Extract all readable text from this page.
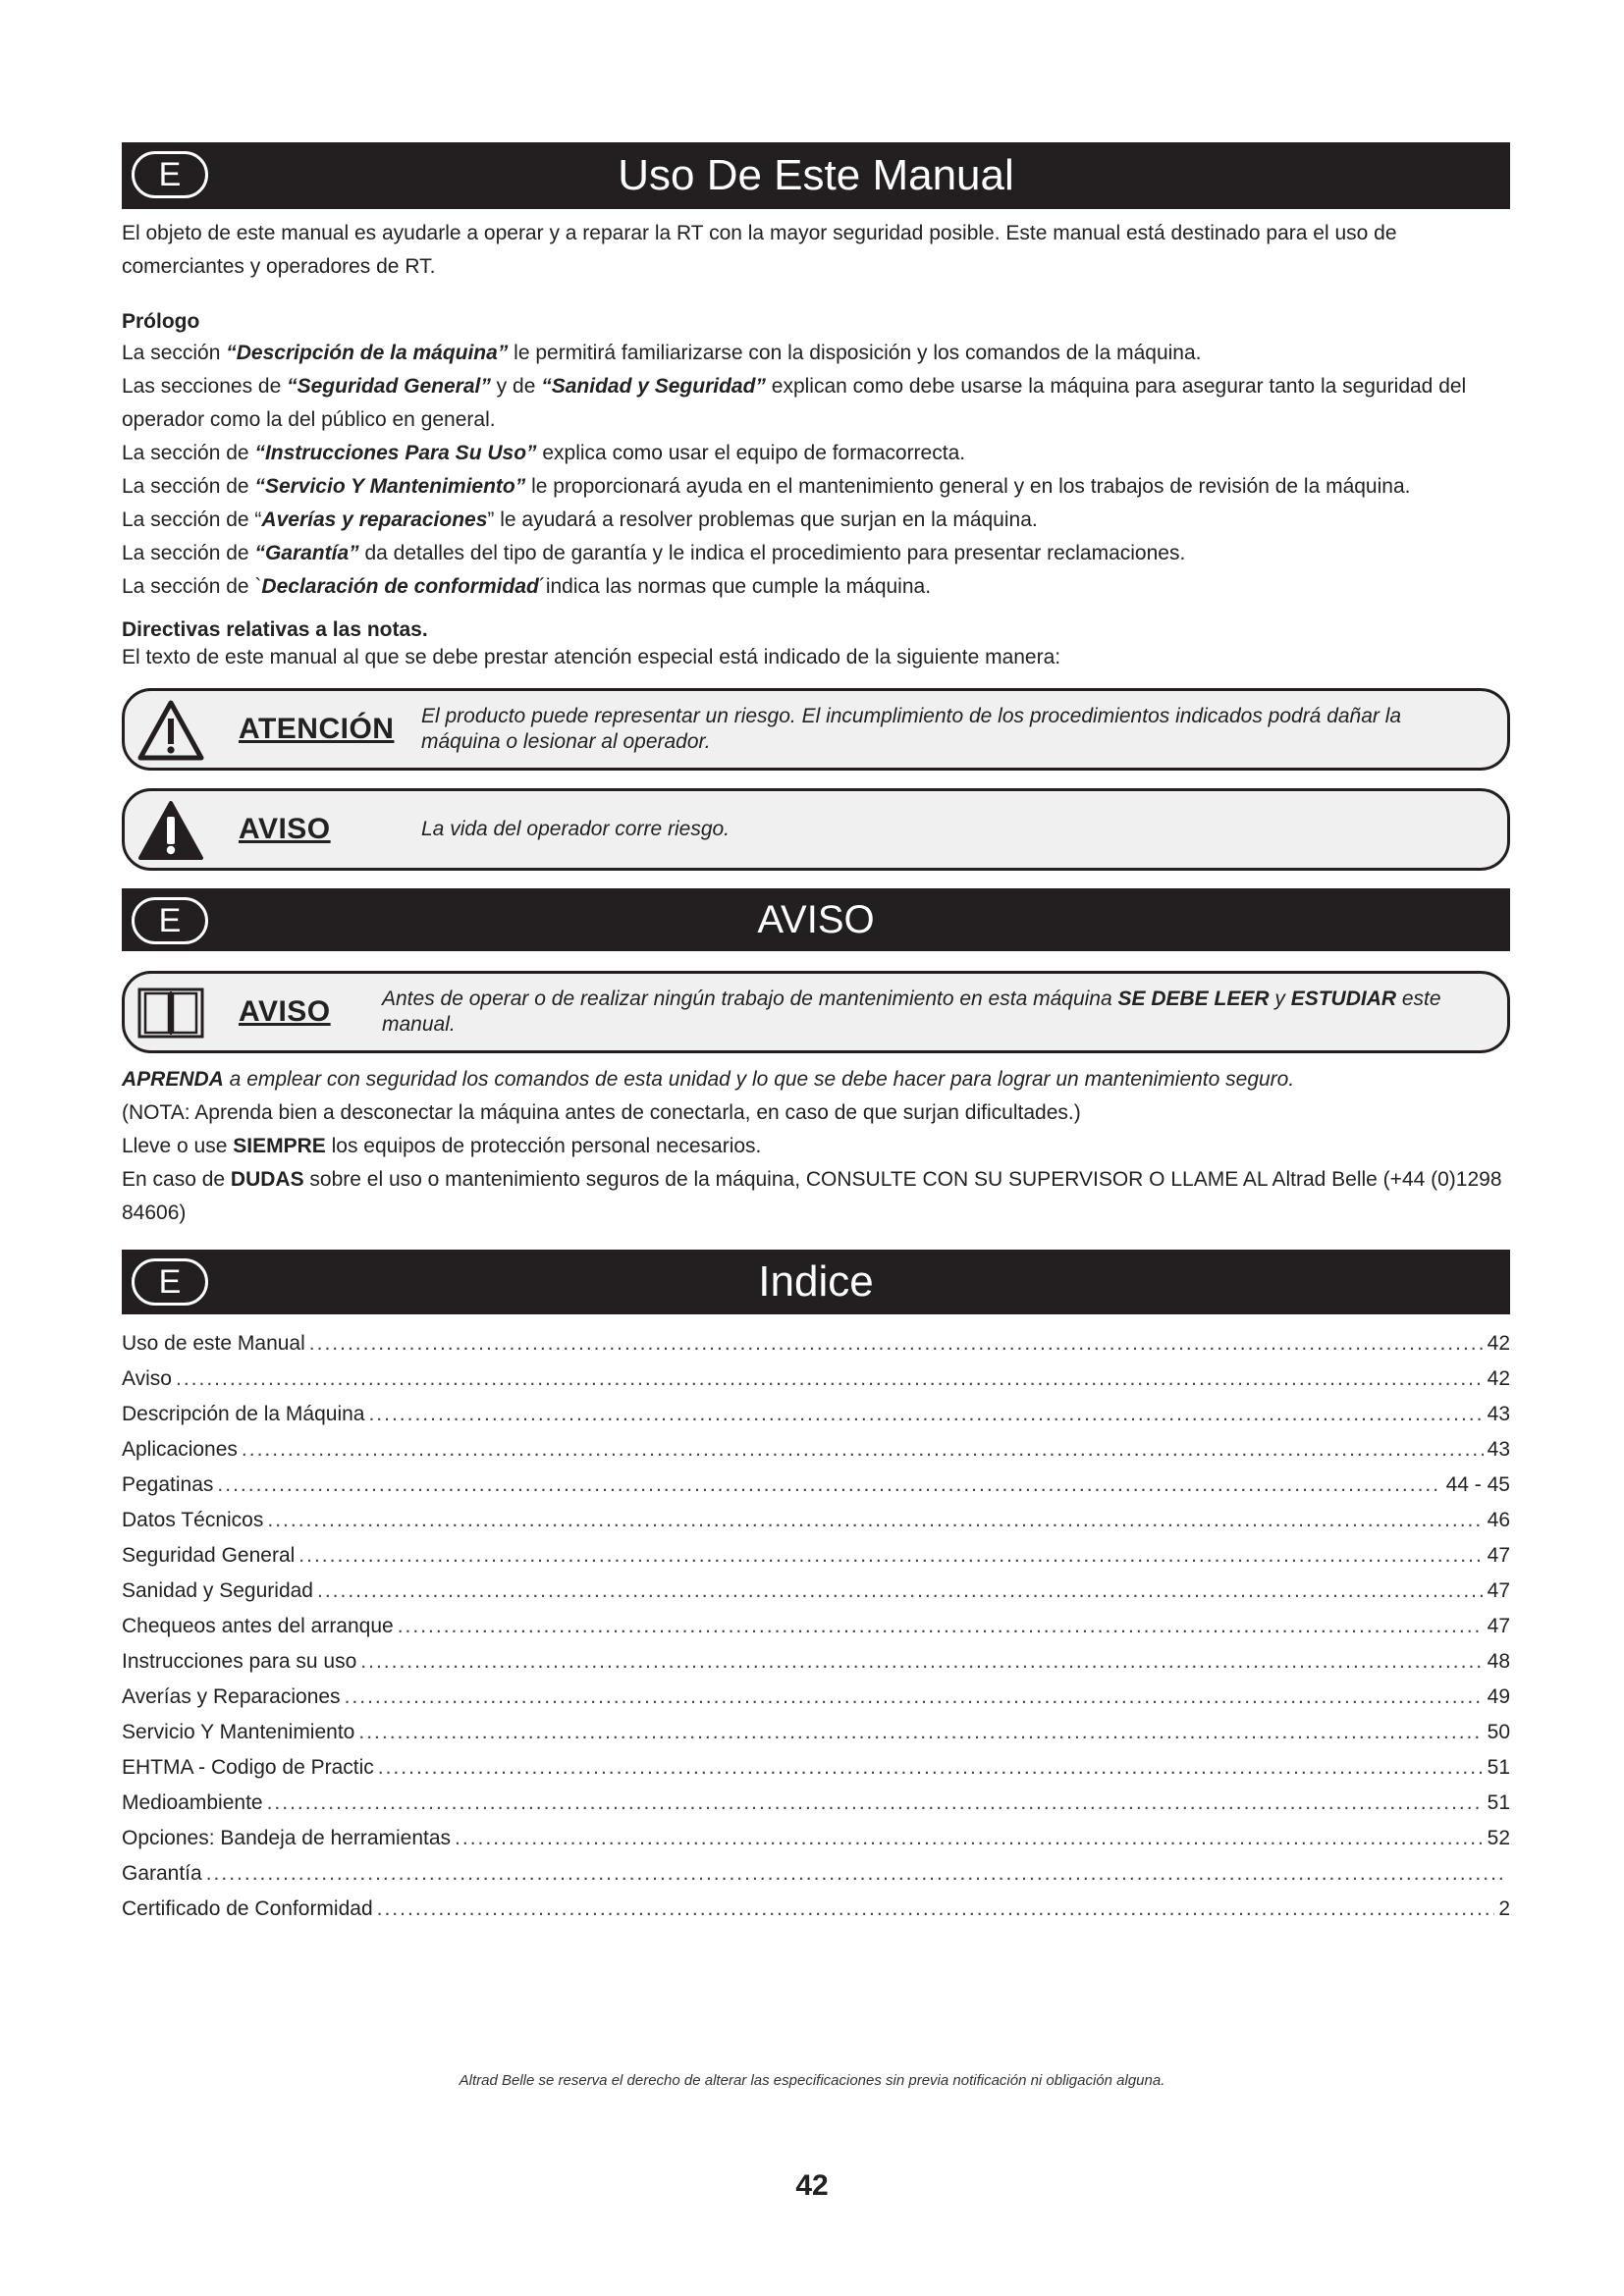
E	Uso De Este Manual

El objeto de este manual es ayudarle a operar y a reparar la RT con la mayor seguridad posible. Este manual está destinado para el uso de comerciantes y operadores de RT.

Prólogo

La sección “Descripción de la máquina” le permitirá familiarizarse con la disposición y los comandos de la máquina.

Las secciones de “Seguridad General” y de “Sanidad y Seguridad” explican como debe usarse la máquina para asegurar tanto la seguridad del operador como la del público en general.

La sección de “Instrucciones Para Su Uso” explica como usar el equipo de formacorrecta.

La sección de “Servicio Y Mantenimiento” le proporcionará ayuda en el mantenimiento general y en los trabajos de revisión de la máquina.

La sección de “Averías y reparaciones” le ayudará a resolver problemas que surjan en la máquina.

La sección de “Garantía” da detalles del tipo de garantía y le indica el procedimiento para presentar reclamaciones.

La sección de `Declaración de conformidad´indica las normas que cumple la máquina.

Directivas relativas a las notas.

El texto de este manual al que se debe prestar atención especial está indicado de la siguiente manera:

ATENCIÓN El producto puede representar un riesgo. El incumplimiento de los procedimientos indicados podrá dañar la máquina o lesionar al operador.
AVISO	La vida del operador corre riesgo.
E	AVISO
AVISO Antes de operar o de realizar ningún trabajo de mantenimiento en esta máquina SE DEBE LEER y ESTUDIAR este manual.

APRENDA a emplear con seguridad los comandos de esta unidad y lo que se debe hacer para lograr un mantenimiento seguro.

(NOTA: Aprenda bien a desconectar la máquina antes de conectarla, en caso de que surjan dificultades.)

Lleve o use SIEMPRE los equipos de protección personal necesarios.

En caso de DUDAS sobre el uso o mantenimiento seguros de la máquina, CONSULTE CON SU SUPERVISOR O LLAME AL Altrad Belle (+44 (0)1298 84606)

E	Indice
Uso de este Manual .....	42
Aviso .....	42
Descripción de la Máquina .....	43
Aplicaciones .....	43
Pegatinas .....	44 - 45
Datos Técnicos .....	46
Seguridad General .....	47
Sanidad y Seguridad .....	47
Chequeos antes del arranque .....	47
Instrucciones para su uso .....	48
Averías y Reparaciones .....	49
Servicio Y Mantenimiento .....	50
EHTMA - Codigo de Practic .....	51
Medioambiente .....	51
Opciones: Bandeja de herramientas .....	52
Garantía
.....
Certificado de Conformidad .....	2
Altrad Belle se reserva el derecho de alterar las especificaciones sin previa notificación ni obligación alguna.
42
